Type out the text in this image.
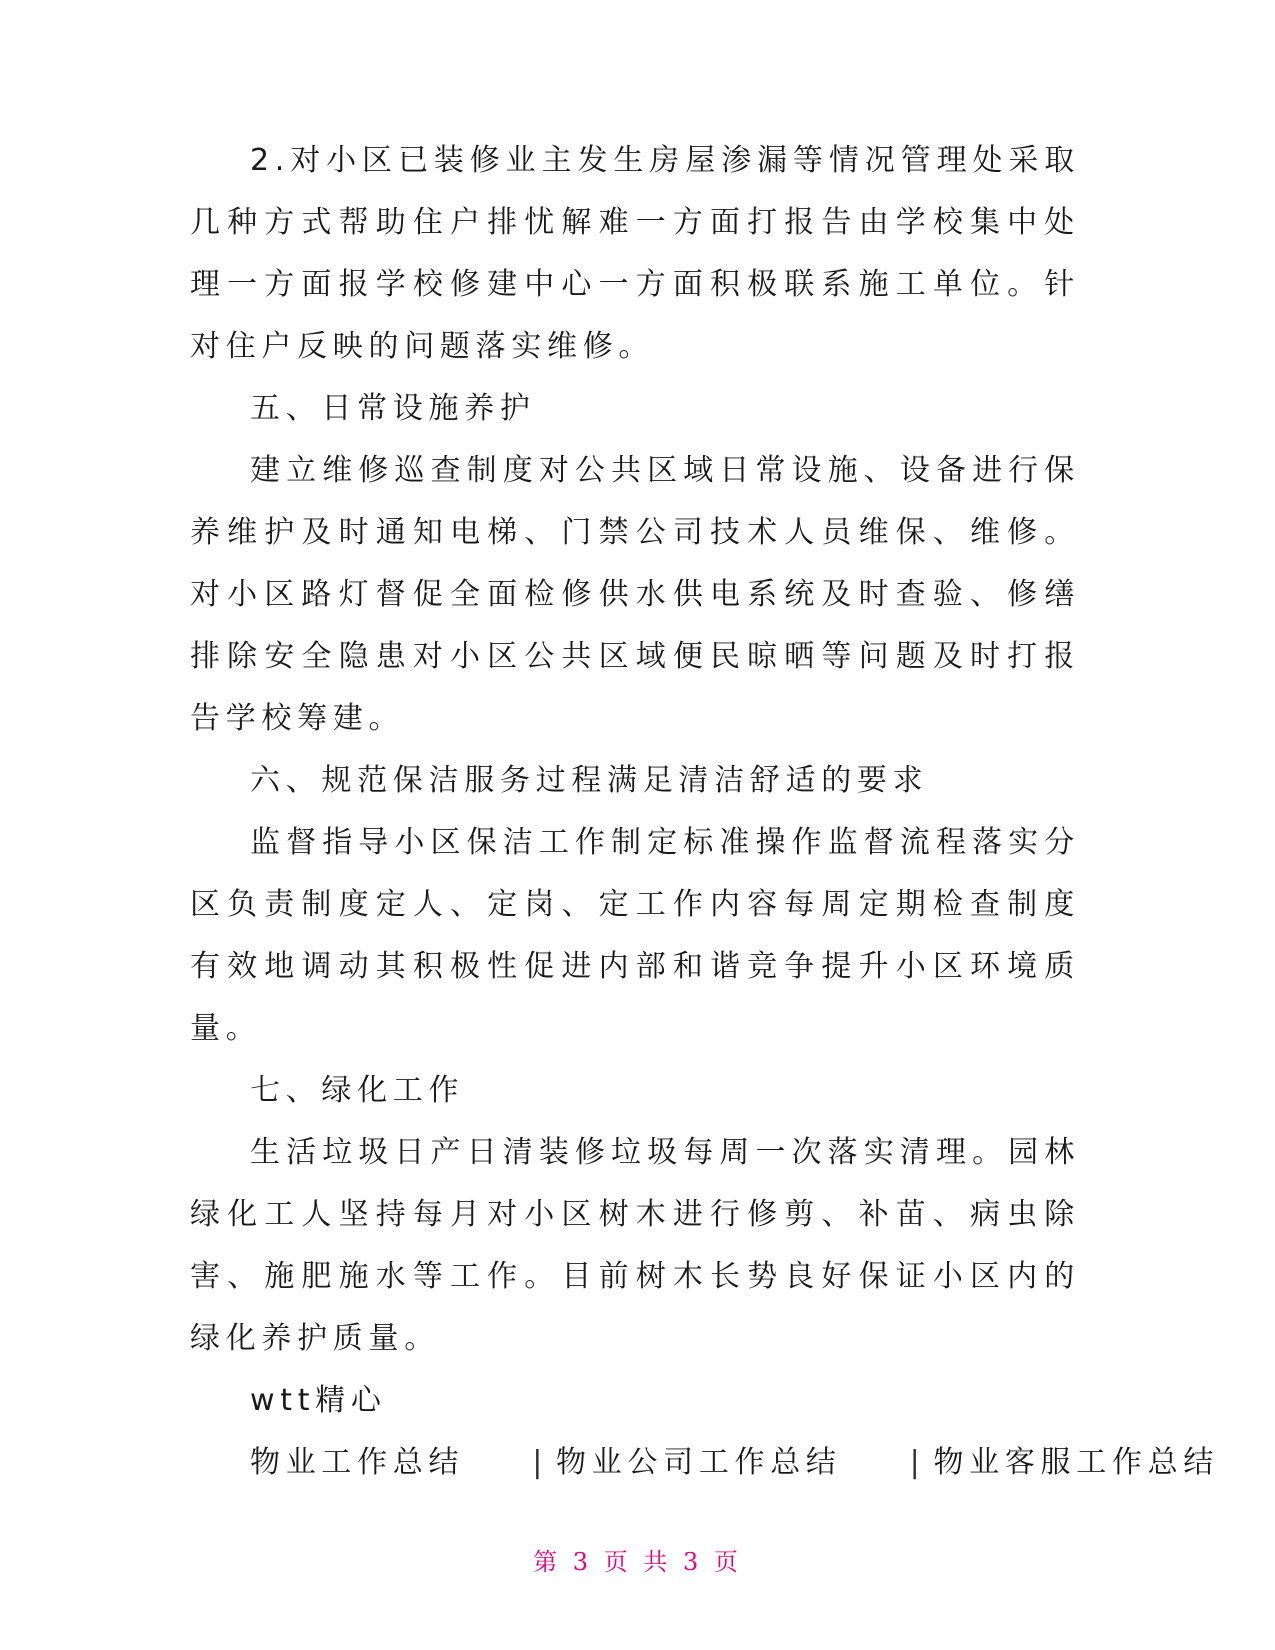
2.对小区已装修业主发生房屋渗漏等情况管理处采取几种方式帮助住户排忧解难一方面打报告由学校集中处理一方面报学校修建中心一方面积极联系施工单位。针对住户反映的问题落实维修。

五、日常设施养护

建立维修巡查制度对公共区域日常设施、设备进行保养维护及时通知电梯、门禁公司技术人员维保、维修。对小区路灯督促全面检修供水供电系统及时查验、修缮排除安全隐患对小区公共区域便民晾晒等问题及时打报告学校筹建。

六、规范保洁服务过程满足清洁舒适的要求

监督指导小区保洁工作制定标准操作监督流程落实分区负责制度定人、定岗、定工作内容每周定期检查制度有效地调动其积极性促进内部和谐竞争提升小区环境质量。

七、绿化工作

生活垃圾日产日清装修垃圾每周一次落实清理。园林绿化工人坚持每月对小区树木进行修剪、补苗、病虫除害、施肥施水等工作。目前树木长势良好保证小区内的绿化养护质量。

wtt精心

物业工作总结 | 物业公司工作总结 | 物业客服工作总结

第 3 页 共 3 页
